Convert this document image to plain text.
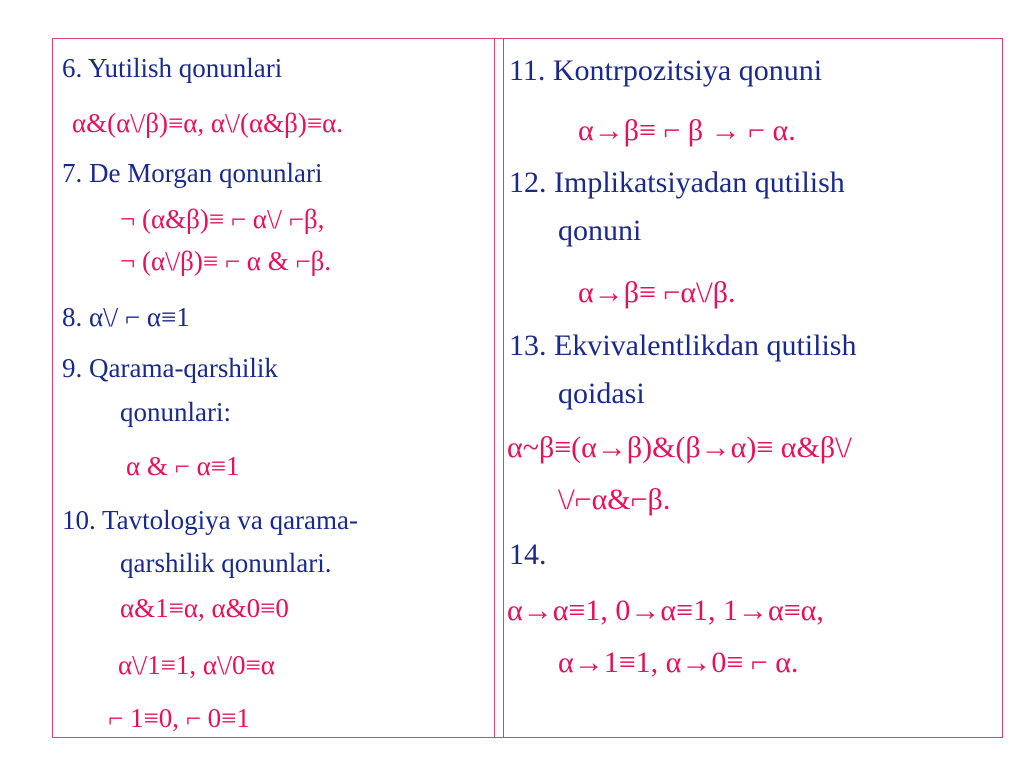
6. Yutilish qonunlari
α&(α\/β)≡α, α\/(α&β)≡α.
7. De Morgan qonunlari
¬ (α&β)≡ ⌐ α\/ ⌐β,
¬ (α\/β)≡ ⌐ α & ⌐β.
8. α\/ ⌐ α≡1
9. Qarama-qarshilik
qonunlari:
α & ⌐ α≡1
10. Tavtologiya va qarama-
qarshilik qonunlari.
α&1≡α, α&0≡0
α\/1≡1, α\/0≡α
⌐ 1≡0, ⌐ 0≡1
11. Kontrpozitsiya qonuni
α→β≡ ⌐ β → ⌐ α.
12. Implikatsiyadan qutilish
qonuni
α→β≡ ⌐α\/β.
13. Ekvivalentlikdan qutilish
qoidasi
α~β≡(α→β)&(β→α)≡ α&β\/
\/⌐α&⌐β.
14.
α→α≡1, 0→α≡1, 1→α≡α,
α→1≡1, α→0≡ ⌐ α.
